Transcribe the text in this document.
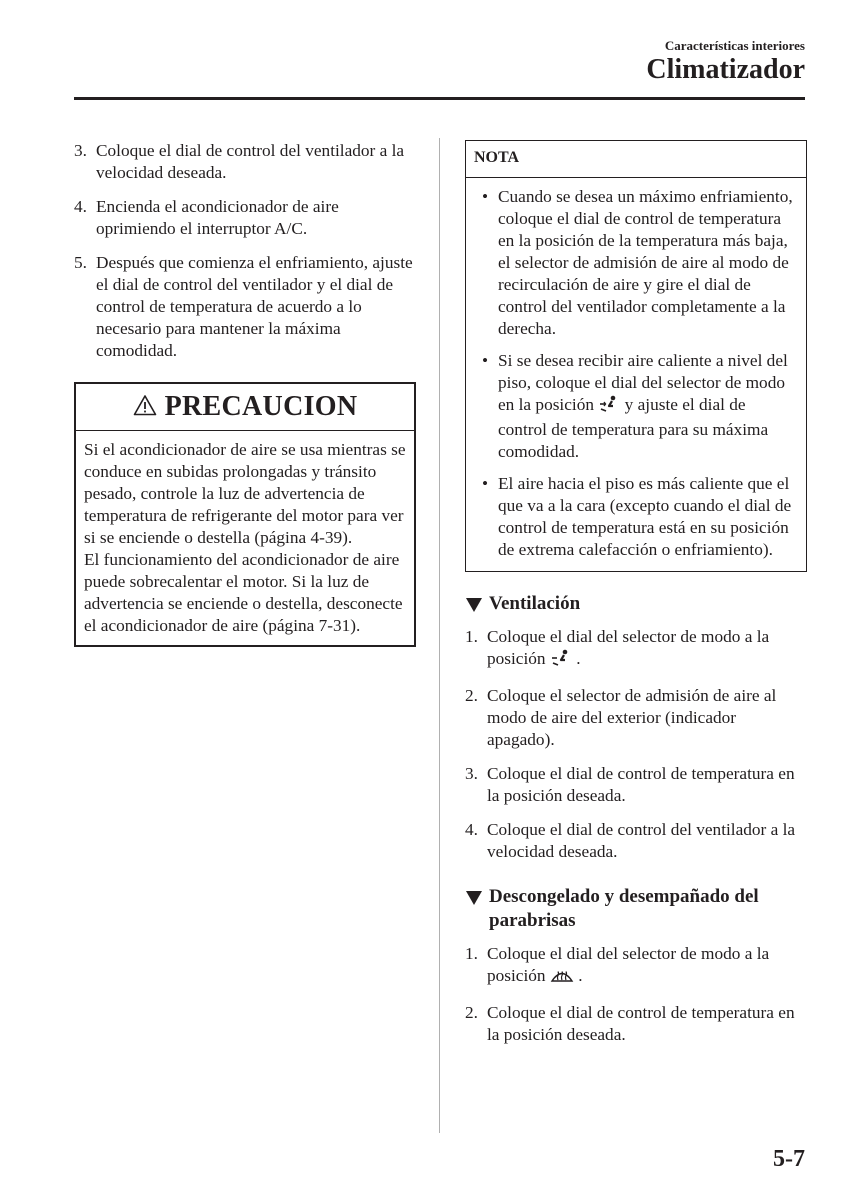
Características interiores
Climatizador
3. Coloque el dial de control del ventilador a la velocidad deseada.
4. Encienda el acondicionador de aire oprimiendo el interruptor A/C.
5. Después que comienza el enfriamiento, ajuste el dial de control del ventilador y el dial de control de temperatura de acuerdo a lo necesario para mantener la máxima comodidad.
PRECAUCION
Si el acondicionador de aire se usa mientras se conduce en subidas prolongadas y tránsito pesado, controle la luz de advertencia de temperatura de refrigerante del motor para ver si se enciende o destella (página 4-39).
El funcionamiento del acondicionador de aire puede sobrecalentar el motor. Si la luz de advertencia se enciende o destella, desconecte el acondicionador de aire (página 7-31).
NOTA
• Cuando se desea un máximo enfriamiento, coloque el dial de control de temperatura en la posición de la temperatura más baja, el selector de admisión de aire al modo de recirculación de aire y gire el dial de control del ventilador completamente a la derecha.
• Si se desea recibir aire caliente a nivel del piso, coloque el dial del selector de modo en la posición y ajuste el dial de control de temperatura para su máxima comodidad.
• El aire hacia el piso es más caliente que el que va a la cara (excepto cuando el dial de control de temperatura está en su posición de extrema calefacción o enfriamiento).
Ventilación
1. Coloque el dial del selector de modo a la posición .
2. Coloque el selector de admisión de aire al modo de aire del exterior (indicador apagado).
3. Coloque el dial de control de temperatura en la posición deseada.
4. Coloque el dial de control del ventilador a la velocidad deseada.
Descongelado y desempañado del parabrisas
1. Coloque el dial del selector de modo a la posición .
2. Coloque el dial de control de temperatura en la posición deseada.
5-7
